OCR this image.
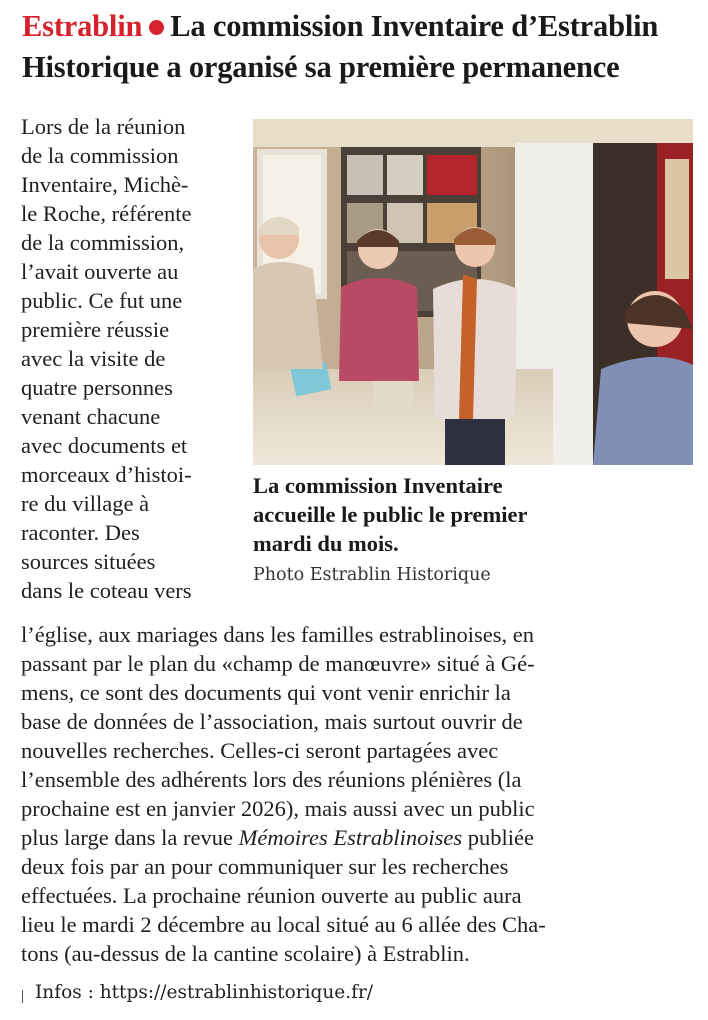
Estrablin La commission Inventaire d’Estrablin
Historique a organisé sa première permanence
Lors de la réunion
de la commission
Inventaire, Michè-
le Roche, référente
de la commission,
l’avait ouverte au
public. Ce fut une
première réussie
avec la visite de
quatre personnes
venant chacune
avec documents et
morceaux d’histoi-
re du village à
raconter. Des
sources situées
dans le coteau vers
l’église, aux mariages dans les familles estrablinoises, en
passant par le plan du «champ de manœuvre» situé à Gé-
mens, ce sont des documents qui vont venir enrichir la
base de données de l’association, mais surtout ouvrir de
nouvelles recherches. Celles-ci seront partagées avec
l’ensemble des adhérents lors des réunions plénières (la
prochaine est en janvier 2026), mais aussi avec un public
plus large dans la revue Mémoires Estrablinoises publiée
deux fois par an pour communiquer sur les recherches
effectuées. La prochaine réunion ouverte au public aura
lieu le mardi 2 décembre au local situé au 6 allée des Cha-
tons (au-dessus de la cantine scolaire) à Estrablin.
Infos : https://estrablinhistorique.fr/
La commission Inventaire
accueille le public le premier
mardi du mois.
Photo Estrablin Historique
